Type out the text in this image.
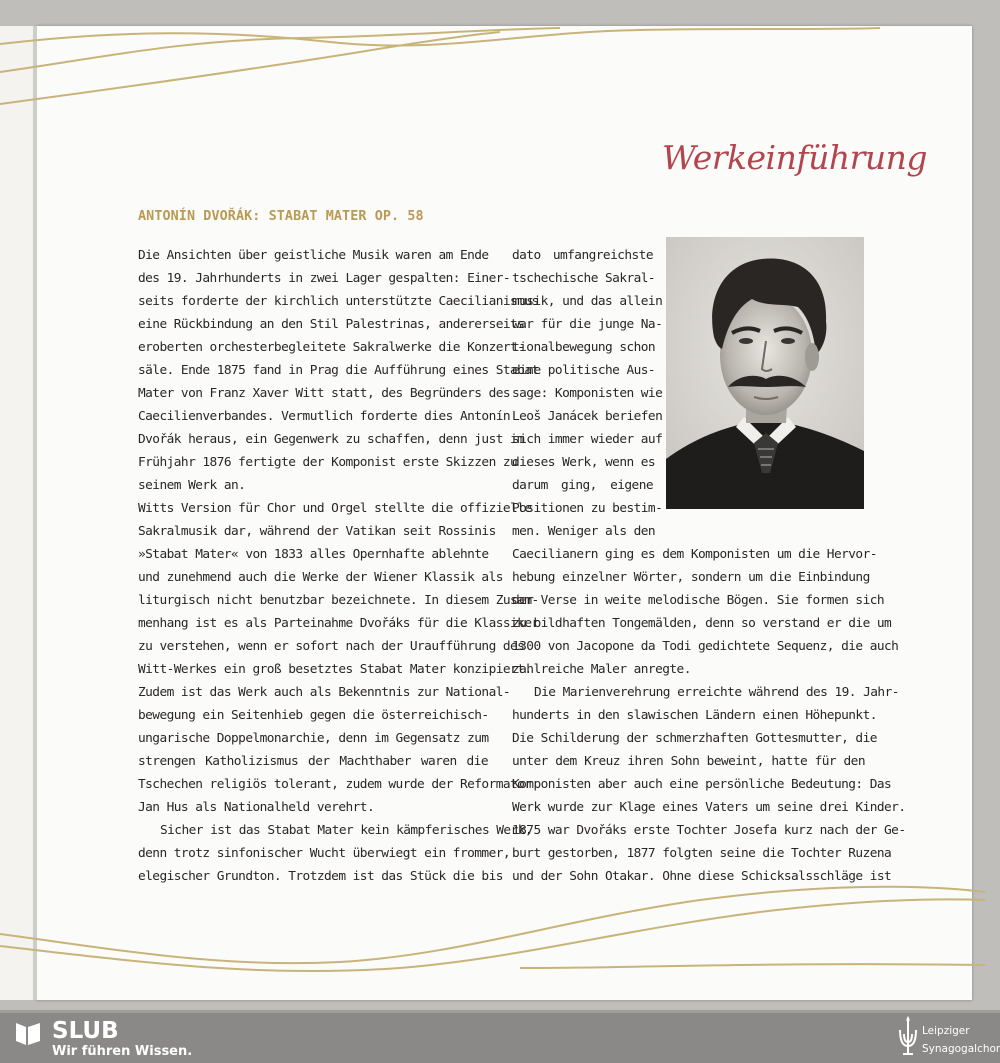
Werkeinführung
ANTONÍN DVOŘÁK: STABAT MATER OP. 58
Die Ansichten über geistliche Musik waren am Ende
des 19. Jahrhunderts in zwei Lager gespalten: Einer-
seits forderte der kirchlich unterstützte Caecilianismus
eine Rückbindung an den Stil Palestrinas, andererseits
eroberten orchesterbegleitete Sakralwerke die Konzert-
säle. Ende 1875 fand in Prag die Aufführung eines Stabat
Mater von Franz Xaver Witt statt, des Begründers des
Caecilienverbandes. Vermutlich forderte dies Antonín
Dvořák heraus, ein Gegenwerk zu schaffen, denn just im
Frühjahr 1876 fertigte der Komponist erste Skizzen zu
seinem Werk an.
Witts Version für Chor und Orgel stellte die offizielle
Sakralmusik dar, während der Vatikan seit Rossinis
»Stabat Mater« von 1833 alles Opernhafte ablehnte
und zunehmend auch die Werke der Wiener Klassik als
liturgisch nicht benutzbar bezeichnete. In diesem Zusam-
menhang ist es als Parteinahme Dvořáks für die Klassiker
zu verstehen, wenn er sofort nach der Uraufführung des
Witt-Werkes ein groß besetztes Stabat Mater konzipiert.
Zudem ist das Werk auch als Bekenntnis zur National-
bewegung ein Seitenhieb gegen die österreichisch-
ungarische Doppelmonarchie, denn im Gegensatz zum
strengen Katholizismus der Machthaber waren die
Tschechen religiös tolerant, zudem wurde der Reformator
Jan Hus als Nationalheld verehrt.
Sicher ist das Stabat Mater kein kämpferisches Werk,
denn trotz sinfonischer Wucht überwiegt ein frommer,
elegischer Grundton. Trotzdem ist das Stück die bis
dato umfangreichste
tschechische Sakral-
musik, und das allein
war für die junge Na-
tionalbewegung schon
eine politische Aus-
sage: Komponisten wie
Leoš Janácek beriefen
sich immer wieder auf
dieses Werk, wenn es
darum ging, eigene
Positionen zu bestim-
men. Weniger als den
Caecilianern ging es dem Komponisten um die Hervor-
hebung einzelner Wörter, sondern um die Einbindung
der Verse in weite melodische Bögen. Sie formen sich
zu bildhaften Tongemälden, denn so verstand er die um
1300 von Jacopone da Todi gedichtete Sequenz, die auch
zahlreiche Maler anregte.
Die Marienverehrung erreichte während des 19. Jahr-
hunderts in den slawischen Ländern einen Höhepunkt.
Die Schilderung der schmerzhaften Gottesmutter, die
unter dem Kreuz ihren Sohn beweint, hatte für den
Komponisten aber auch eine persönliche Bedeutung: Das
Werk wurde zur Klage eines Vaters um seine drei Kinder.
1875 war Dvořáks erste Tochter Josefa kurz nach der Ge-
burt gestorben, 1877 folgten seine die Tochter Ruzena
und der Sohn Otakar. Ohne diese Schicksalsschläge ist
SLUB
Wir führen Wissen.
Leipziger
Synagogalchor
